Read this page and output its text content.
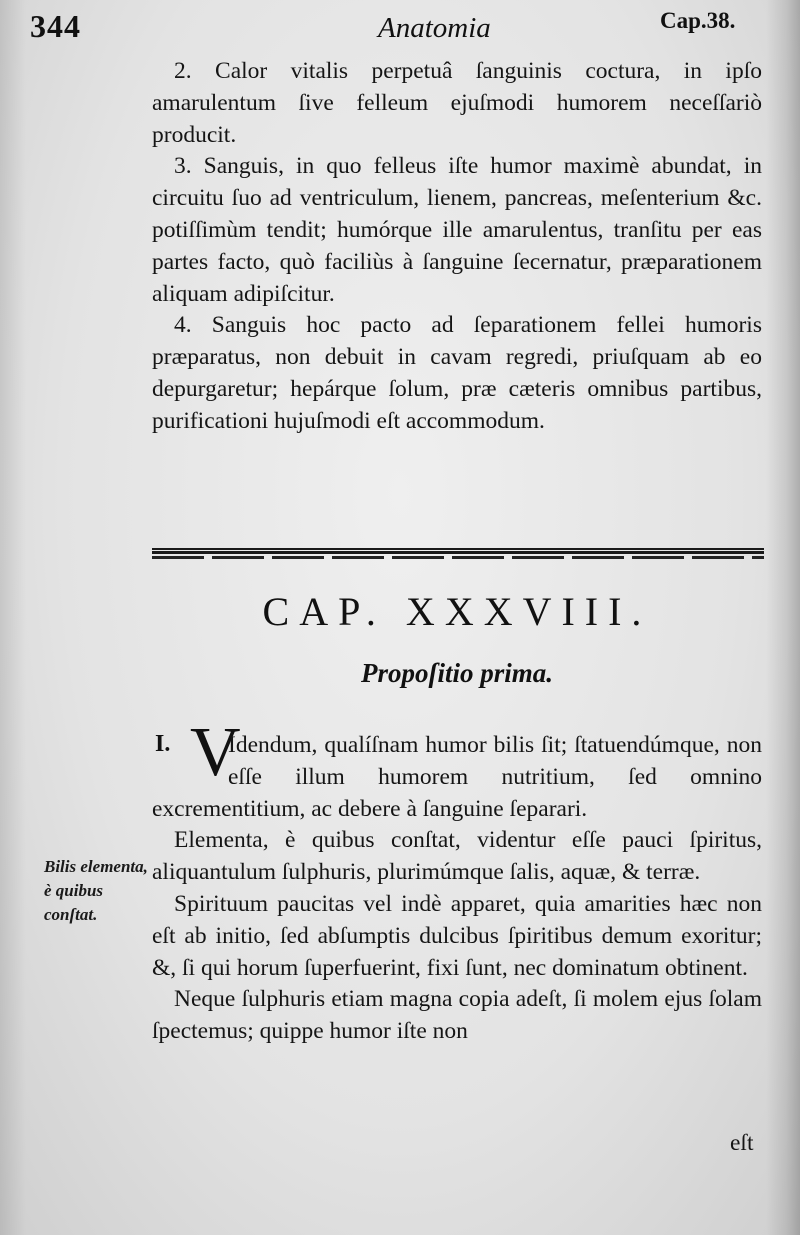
344	Anatomia	Cap.38.

2. Calor vitalis perpetuâ ſanguinis coctura, in ipſo amarulentum ſive felleum ejuſmodi humorem neceſſariò producit.

3. Sanguis, in quo felleus iſte humor maximè abundat, in circuitu ſuo ad ventriculum, lienem, pancreas, meſenterium &c. potiſſimùm tendit; humórque ille amarulentus, tranſitu per eas partes facto, quò faciliùs à ſanguine ſecernatur, præparationem aliquam adipiſcitur.

4. Sanguis hoc pacto ad ſeparationem fellei humoris præparatus, non debuit in cavam regredi, priuſquam ab eo depurgaretur; hepárque ſolum, præ cæteris omnibus partibus, purificationi hujuſmodi eſt accommodum.

CAP. XXXVIII.
Propoſitio prima.
I. V

Idendum, qualíſnam humor bilis ſit; ſtatuendúmque, non eſſe illum humorem nutritium, ſed omnino excrementitium, ac debere à ſanguine ſeparari.

Elementa, è quibus conſtat, videntur eſſe pauci ſpiritus, aliquantulum ſulphuris, plurimúmque ſalis, aquæ, & terræ.

Spirituum paucitas vel indè apparet, quia amarities hæc non eſt ab initio, ſed abſumptis dulcibus ſpiritibus demum exoritur; &, ſi qui horum ſuperfuerint, fixi ſunt, nec dominatum obtinent.

Neque ſulphuris etiam magna copia adeſt, ſi molem ejus ſolam ſpectemus; quippe humor iſte non

Bilis elementa, è quibus conſtat.
eſt
